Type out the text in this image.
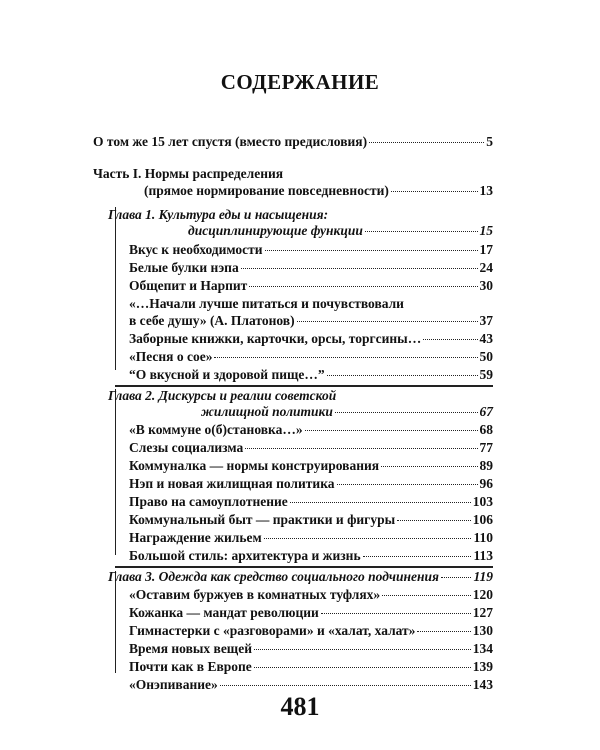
СОДЕРЖАНИЕ
О том же 15 лет спустя (вместо предисловия)	5
Часть I. Нормы распределения
(прямое нормирование повседневности)	13
Глава 1. Культура еды и насыщения:
дисциплинирующие функции	15
Вкус к необходимости	17
Белые булки нэпа	24
Общепит и Нарпит	30
«…Начали лучше питаться и почувствовали
в себе душу» (А. Платонов)	37
Заборные книжки, карточки, орсы, торгсины…	43
«Песня о сое»	50
“О вкусной и здоровой пище…”	59
Глава 2. Дискурсы и реалии советской
жилищной политики	67
«В коммуне о(б)становка…»	68
Слезы социализма	77
Коммуналка — нормы конструирования	89
Нэп и новая жилищная политика	96
Право на самоуплотнение	103
Коммунальный быт — практики и фигуры	106
Награждение жильем	110
Большой стиль: архитектура и жизнь	113
Глава 3. Одежда как средство социального подчинения	119
«Оставим буржуев в комнатных туфлях»	120
Кожанка — мандат революции	127
Гимнастерки с «разговорами» и «халат, халат»	130
Время новых вещей	134
Почти как в Европе	139
«Онэпивание»	143
481
